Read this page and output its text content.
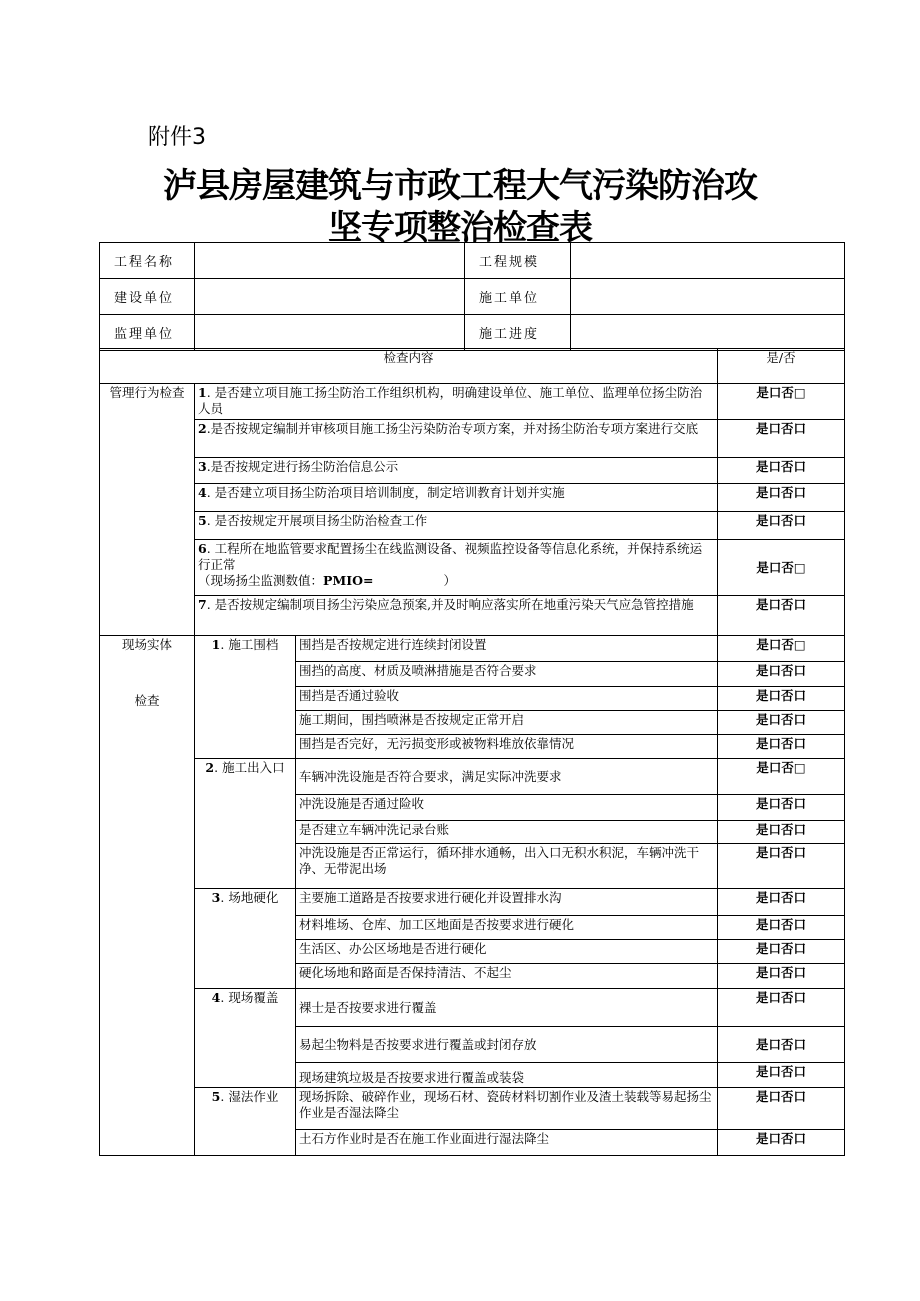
附件3
泸县房屋建筑与市政工程大气污染防治攻
坚专项整治检查表
工程名称		工程规模	
建设单位		施工单位	
监理单位		施工进度	
检查内容			是/否
管理行为检查	1. 是否建立项目施工扬尘防治工作组织机构，明确建设单位、施工单位、监理单位扬尘防治人员		是口否□
	2.是否按规定编制并审核项目施工扬尘污染防治专项方案，并对扬尘防治专项方案进行交底		是口否口
	3.是否按规定进行扬尘防治信息公示		是口否口
	4. 是否建立项目扬尘防治项目培训制度，制定培训教育计划并实施		是口否口
	5. 是否按规定开展项目扬尘防治检查工作		是口否口
	6. 工程所在地监管要求配置扬尘在线监测设备、视频监控设备等信息化系统，并保持系统运行正常
（现场扬尘监测数值：PMIO= ）		是口否□
	7. 是否按规定编制项目扬尘污染应急预案,并及时响应落实所在地重污染天气应急管控措施		是口否口
现场实体
检查	1. 施工围档	围挡是否按规定进行连续封闭设置	是口否□
		围挡的高度、材质及喷淋措施是否符合要求	是口否口
		围挡是否通过验收	是口否口
		施工期间，围挡喷淋是否按规定正常开启	是口否口
		围挡是否完好，无污损变形或被物料堆放依靠情况	是口否口
	2. 施工出入口	车辆冲洗设施是否符合要求，满足实际冲洗要求	是口否□
		冲洗设施是否通过险收	是口否口
		是否建立车辆冲洗记录台账	是口否口
		冲洗设施是否正常运行，循环排水通畅，出入口无积水积泥，车辆冲洗干净、无带泥出场	是口否口
	3. 场地硬化	主要施工道路是否按要求进行硬化并设置排水沟	是口否口
		材料堆场、仓库、加工区地面是否按要求进行硬化	是口否口
		生活区、办公区场地是否进行硬化	是口否口
		硬化场地和路面是否保持清洁、不起尘	是口否口
	4. 现场覆盖	裸士是否按要求进行覆盖	是口否口
		易起尘物料是否按要求进行覆盖或封闭存放	是口否口
		现场建筑垃圾是否按要求进行覆盖或装袋	是口否口
	5. 湿法作业	现场拆除、破碎作业，现场石材、瓷砖材料切割作业及渣土装载等易起扬尘作业是否湿法降尘	是口否口
		土石方作业时是否在施工作业面进行湿法降尘	是口否口
